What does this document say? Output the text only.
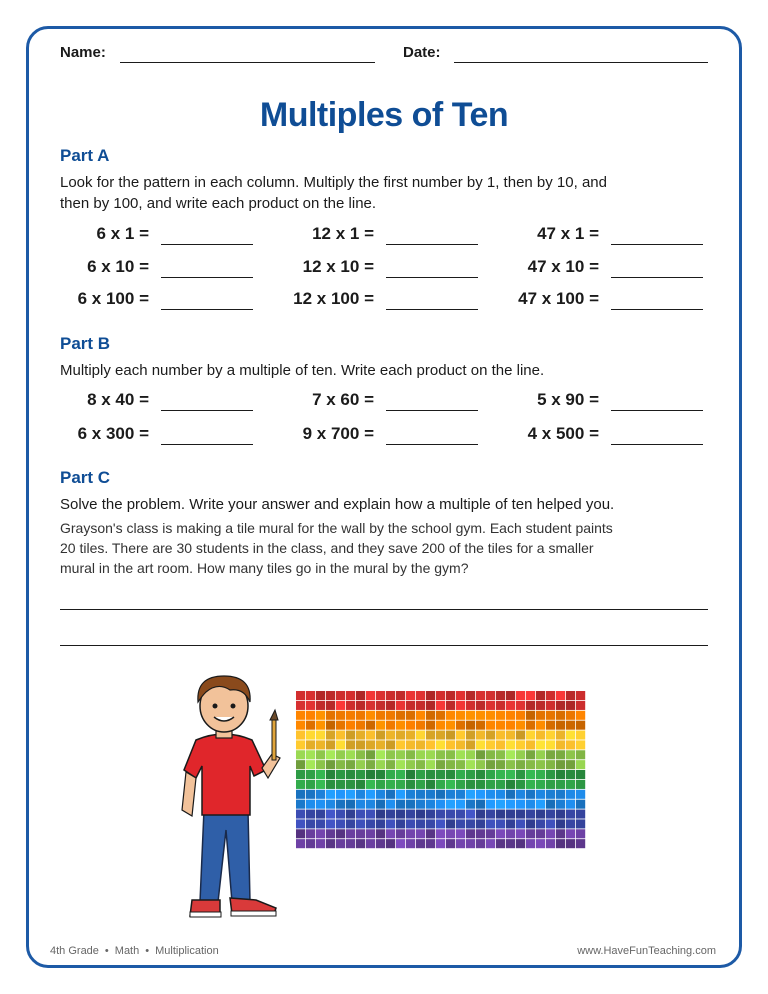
Name:	Date:
Multiples of Ten
Part A
Look for the pattern in each column. Multiply the first number by 1, then by 10, and
then by 100, and write each product on the line.
6 x 1 =	12 x 1 =	47 x 1 =
6 x 10 =	12 x 10 =	47 x 10 =
6 x 100 =	12 x 100 =	47 x 100 =
Part B
Multiply each number by a multiple of ten. Write each product on the line.
8 x 40 =	7 x 60 =	5 x 90 =
6 x 300 =	9 x 700 =	4 x 500 =
Part C
Solve the problem. Write your answer and explain how a multiple of ten helped you.
Grayson's class is making a tile mural for the wall by the school gym. Each student paints
20 tiles. There are 30 students in the class, and they save 200 of the tiles for a smaller
mural in the art room. How many tiles go in the mural by the gym?
4th Grade • Math • Multiplication	www.HaveFunTeaching.com
